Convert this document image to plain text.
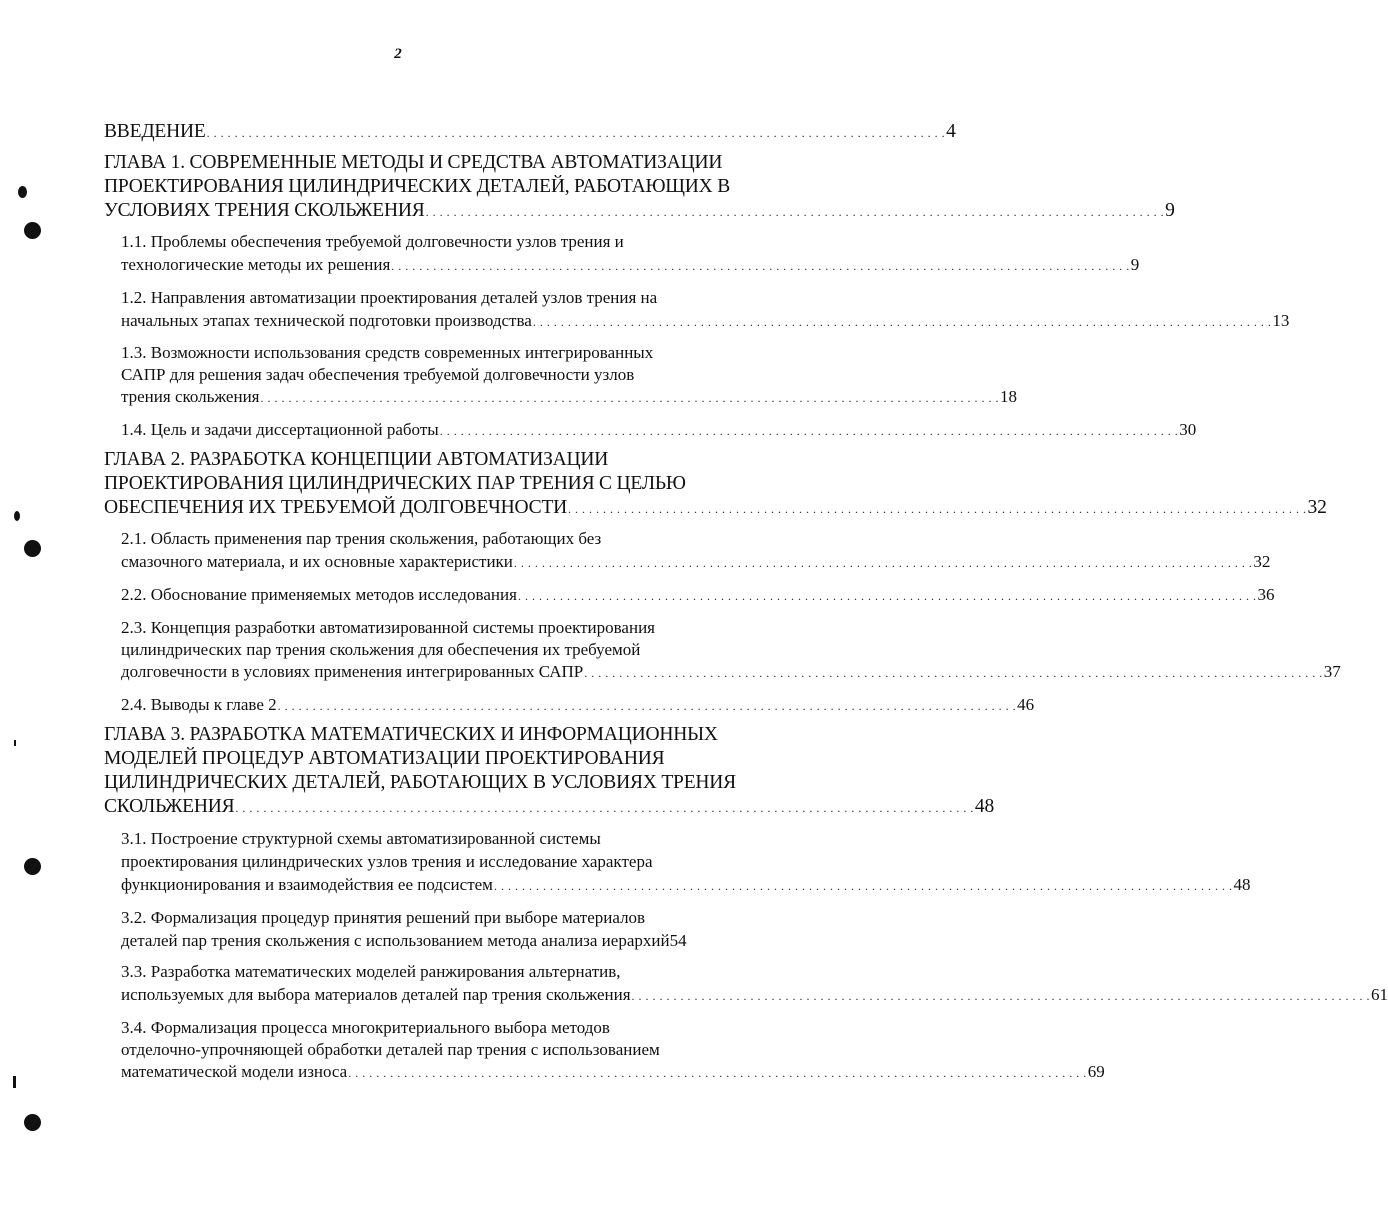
2
ВВЕДЕНИЕ . . . . . . . . . . . . . . . . . . . . . . . . . . . . . . . . . . . . . . . . . . . . . . . . . . . . . . . . . . . . . . . . . . . . . . . . . . . . . . . . . . . . . . . . . . . . . . . . . . . . . . . . . . 4
ГЛАВА 1. СОВРЕМЕННЫЕ МЕТОДЫ И СРЕДСТВА АВТОМАТИЗАЦИИ
ПРОЕКТИРОВАНИЯ ЦИЛИНДРИЧЕСКИХ ДЕТАЛЕЙ, РАБОТАЮЩИХ В
УСЛОВИЯХ ТРЕНИЯ СКОЛЬЖЕНИЯ . . . . . . . . . . . . . . . . . . . . . . . . . . . . . . . . . . . . . . . . . . . . . . . . . . . . . . . . . . . . . . . . . . . . . . . . . . . . . . . . . . . . . . . . . . . . . . . . . . . . . . . . . . 9
1.1. Проблемы обеспечения требуемой долговечности узлов трения и
технологические методы их решения . . . . . . . . . . . . . . . . . . . . . . . . . . . . . . . . . . . . . . . . . . . . . . . . . . . . . . . . . . . . . . . . . . . . . . . . . . . . . . . . . . . . . . . . . . . . . . . . . . . . . . . . . . 9
1.2. Направления автоматизации проектирования деталей узлов трения на
начальных этапах технической подготовки производства . . . . . . . . . . . . . . . . . . . . . . . . . . . . . . . . . . . . . . . . . . . . . . . . . . . . . . . . . . . . . . . . . . . . . . . . . . . . . . . . . . . . . . . . . . . . . . . . . . . . . . . . . . 13
1.3. Возможности использования средств современных интегрированных
САПР для решения задач обеспечения требуемой долговечности узлов
трения скольжения . . . . . . . . . . . . . . . . . . . . . . . . . . . . . . . . . . . . . . . . . . . . . . . . . . . . . . . . . . . . . . . . . . . . . . . . . . . . . . . . . . . . . . . . . . . . . . . . . . . . . . . . . . 18
1.4. Цель и задачи диссертационной работы . . . . . . . . . . . . . . . . . . . . . . . . . . . . . . . . . . . . . . . . . . . . . . . . . . . . . . . . . . . . . . . . . . . . . . . . . . . . . . . . . . . . . . . . . . . . . . . . . . . . . . . . . . 30
ГЛАВА 2. РАЗРАБОТКА КОНЦЕПЦИИ АВТОМАТИЗАЦИИ
ПРОЕКТИРОВАНИЯ ЦИЛИНДРИЧЕСКИХ ПАР ТРЕНИЯ С ЦЕЛЬЮ
ОБЕСПЕЧЕНИЯ ИХ ТРЕБУЕМОЙ ДОЛГОВЕЧНОСТИ . . . . . . . . . . . . . . . . . . . . . . . . . . . . . . . . . . . . . . . . . . . . . . . . . . . . . . . . . . . . . . . . . . . . . . . . . . . . . . . . . . . . . . . . . . . . . . . . . . . . . . . . . . 32
2.1. Область применения пар трения скольжения, работающих без
смазочного материала, и их основные характеристики . . . . . . . . . . . . . . . . . . . . . . . . . . . . . . . . . . . . . . . . . . . . . . . . . . . . . . . . . . . . . . . . . . . . . . . . . . . . . . . . . . . . . . . . . . . . . . . . . . . . . . . . . . 32
2.2. Обоснование применяемых методов исследования . . . . . . . . . . . . . . . . . . . . . . . . . . . . . . . . . . . . . . . . . . . . . . . . . . . . . . . . . . . . . . . . . . . . . . . . . . . . . . . . . . . . . . . . . . . . . . . . . . . . . . . . . . 36
2.3. Концепция разработки автоматизированной системы проектирования
цилиндрических пар трения скольжения для обеспечения их требуемой
долговечности в условиях применения интегрированных САПР . . . . . . . . . . . . . . . . . . . . . . . . . . . . . . . . . . . . . . . . . . . . . . . . . . . . . . . . . . . . . . . . . . . . . . . . . . . . . . . . . . . . . . . . . . . . . . . . . . . . . . . . . . 37
2.4. Выводы к главе 2 . . . . . . . . . . . . . . . . . . . . . . . . . . . . . . . . . . . . . . . . . . . . . . . . . . . . . . . . . . . . . . . . . . . . . . . . . . . . . . . . . . . . . . . . . . . . . . . . . . . . . . . . . . 46
ГЛАВА 3. РАЗРАБОТКА МАТЕМАТИЧЕСКИХ И ИНФОРМАЦИОННЫХ
МОДЕЛЕЙ ПРОЦЕДУР АВТОМАТИЗАЦИИ ПРОЕКТИРОВАНИЯ
ЦИЛИНДРИЧЕСКИХ ДЕТАЛЕЙ, РАБОТАЮЩИХ В УСЛОВИЯХ ТРЕНИЯ
СКОЛЬЖЕНИЯ . . . . . . . . . . . . . . . . . . . . . . . . . . . . . . . . . . . . . . . . . . . . . . . . . . . . . . . . . . . . . . . . . . . . . . . . . . . . . . . . . . . . . . . . . . . . . . . . . . . . . . . . . . 48
3.1. Построение структурной схемы автоматизированной системы
проектирования цилиндрических узлов трения и исследование характера
функционирования и взаимодействия ее подсистем . . . . . . . . . . . . . . . . . . . . . . . . . . . . . . . . . . . . . . . . . . . . . . . . . . . . . . . . . . . . . . . . . . . . . . . . . . . . . . . . . . . . . . . . . . . . . . . . . . . . . . . . . . 48
3.2. Формализация процедур принятия решений при выборе материалов
деталей пар трения скольжения с использованием метода анализа иерархий 54
3.3. Разработка математических моделей ранжирования альтернатив,
используемых для выбора материалов деталей пар трения скольжения . . . . . . . . . . . . . . . . . . . . . . . . . . . . . . . . . . . . . . . . . . . . . . . . . . . . . . . . . . . . . . . . . . . . . . . . . . . . . . . . . . . . . . . . . . . . . . . . . . . . . . . . . . 61
3.4. Формализация процесса многокритериального выбора методов
отделочно-упрочняющей обработки деталей пар трения с использованием
математической модели износа . . . . . . . . . . . . . . . . . . . . . . . . . . . . . . . . . . . . . . . . . . . . . . . . . . . . . . . . . . . . . . . . . . . . . . . . . . . . . . . . . . . . . . . . . . . . . . . . . . . . . . . . . . 69
